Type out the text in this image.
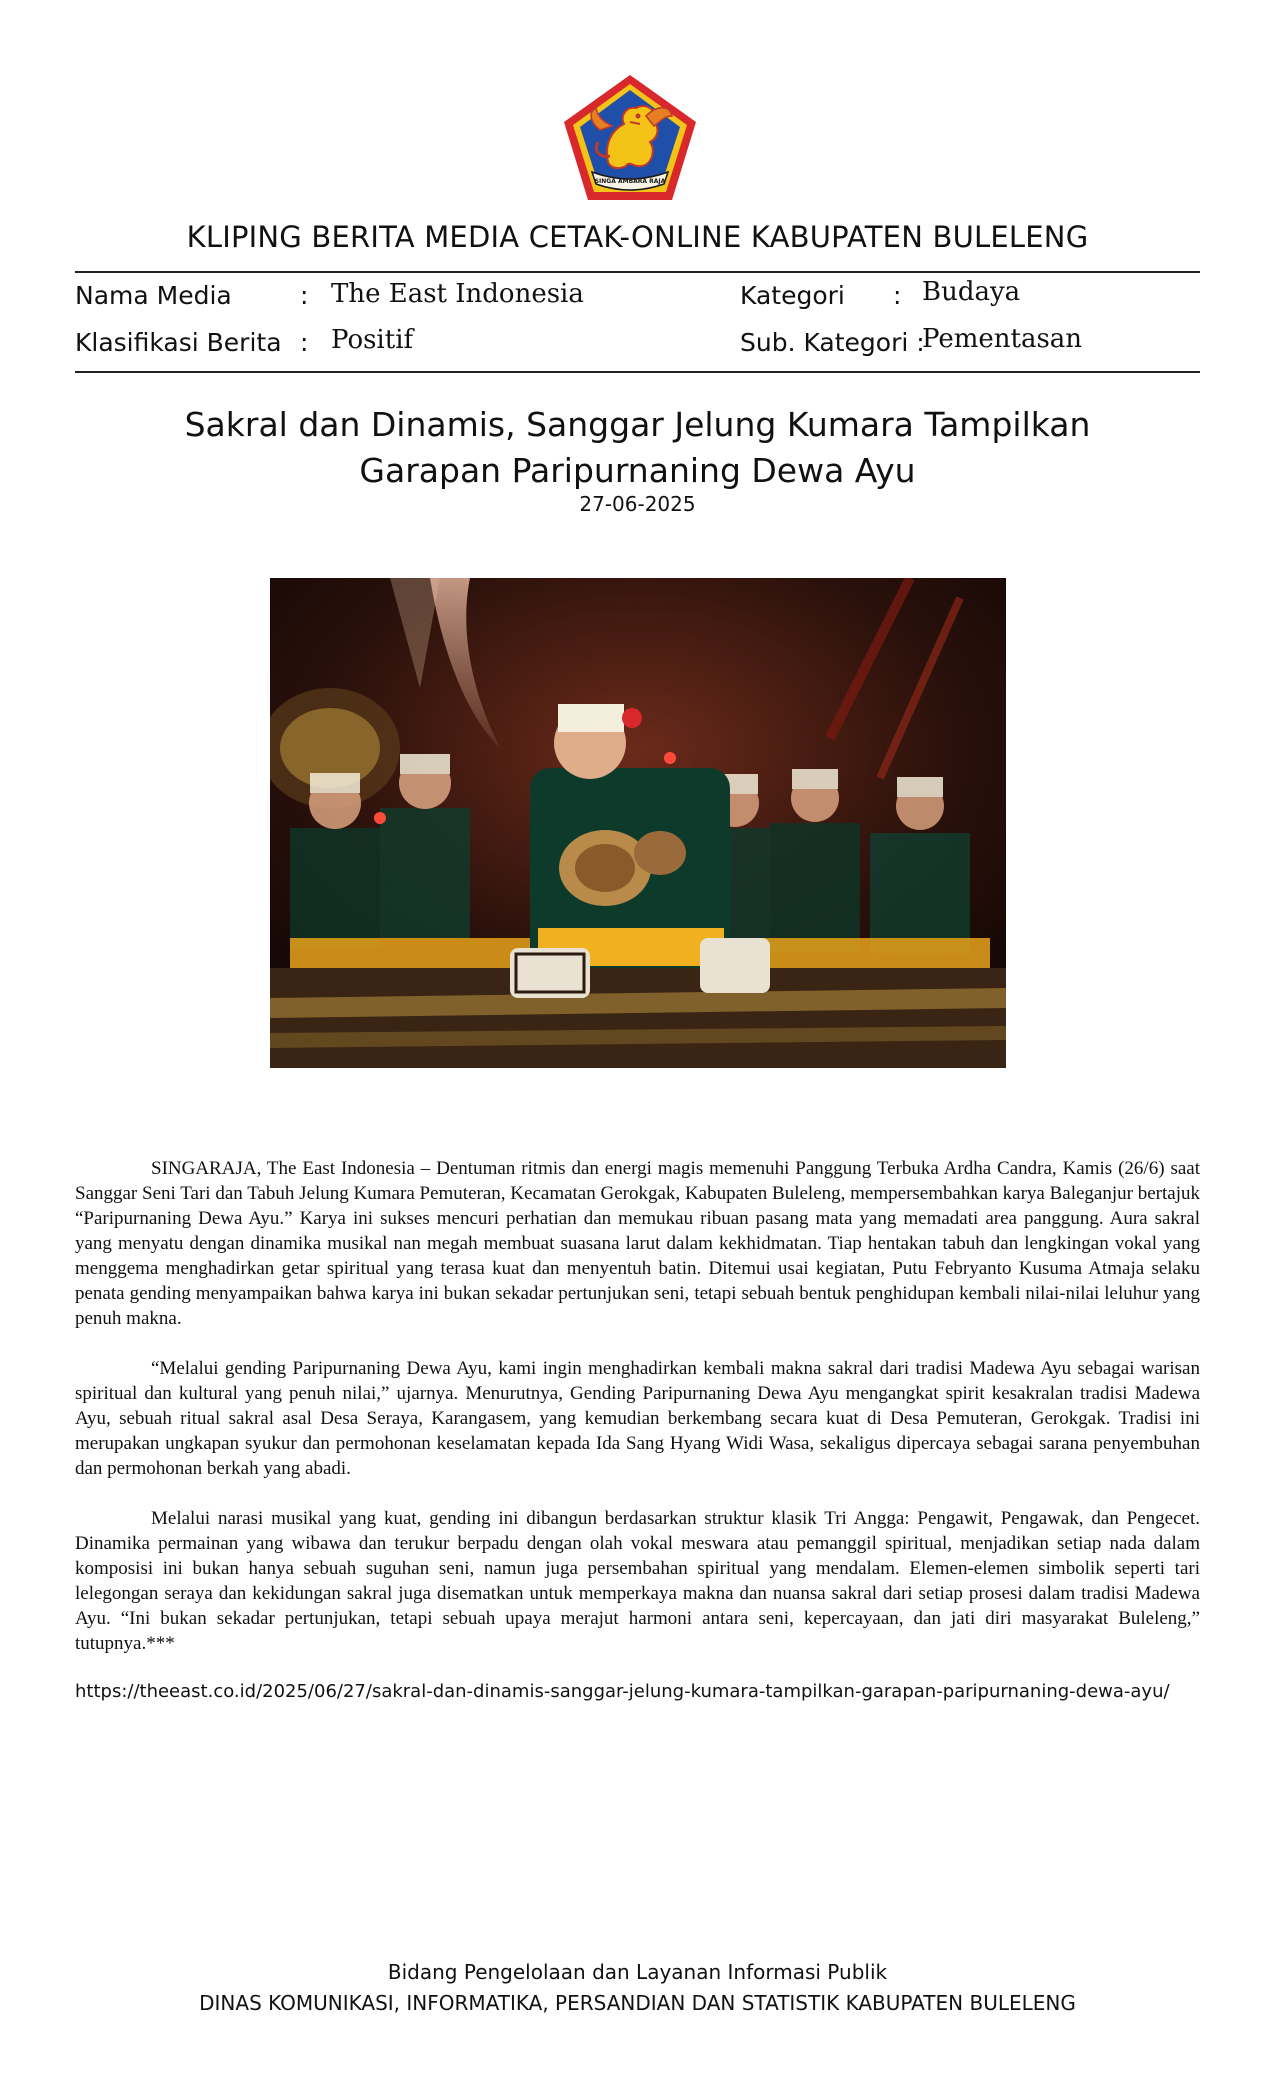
SINGA AMBARA RAJA
KLIPING BERITA MEDIA CETAK-ONLINE KABUPATEN BULELENG
Nama Media	: The East Indonesia
Klasifikasi Berita : Positif
Kategori : Budaya
Sub. Kategori :
Pementasan
Sakral dan Dinamis, Sanggar Jelung Kumara Tampilkan Garapan Paripurnaning Dewa Ayu
27-06-2025

SINGARAJA, The East Indonesia – Dentuman ritmis dan energi magis memenuhi Panggung Terbuka Ardha Candra, Kamis (26/6) saat Sanggar Seni Tari dan Tabuh Jelung Kumara Pemuteran, Kecamatan Gerokgak, Kabupaten Buleleng, mempersembahkan karya Baleganjur bertajuk “Paripurnaning Dewa Ayu.” Karya ini sukses mencuri perhatian dan memukau ribuan pasang mata yang memadati area panggung. Aura sakral yang menyatu dengan dinamika musikal nan megah membuat suasana larut dalam kekhidmatan. Tiap hentakan tabuh dan lengkingan vokal yang menggema menghadirkan getar spiritual yang terasa kuat dan menyentuh batin. Ditemui usai kegiatan, Putu Febryanto Kusuma Atmaja selaku penata gending menyampaikan bahwa karya ini bukan sekadar pertunjukan seni, tetapi sebuah bentuk penghidupan kembali nilai-nilai leluhur yang penuh makna.

“Melalui gending Paripurnaning Dewa Ayu, kami ingin menghadirkan kembali makna sakral dari tradisi Madewa Ayu sebagai warisan spiritual dan kultural yang penuh nilai,” ujarnya. Menurutnya, Gending Paripurnaning Dewa Ayu mengangkat spirit kesakralan tradisi Madewa Ayu, sebuah ritual sakral asal Desa Seraya, Karangasem, yang kemudian berkembang secara kuat di Desa Pemuteran, Gerokgak. Tradisi ini merupakan ungkapan syukur dan permohonan keselamatan kepada Ida Sang Hyang Widi Wasa, sekaligus dipercaya sebagai sarana penyembuhan dan permohonan berkah yang abadi.

Melalui narasi musikal yang kuat, gending ini dibangun berdasarkan struktur klasik Tri Angga: Pengawit, Pengawak, dan Pengecet. Dinamika permainan yang wibawa dan terukur berpadu dengan olah vokal meswara atau pemanggil spiritual, menjadikan setiap nada dalam komposisi ini bukan hanya sebuah suguhan seni, namun juga persembahan spiritual yang mendalam. Elemen-elemen simbolik seperti tari lelegongan seraya dan kekidungan sakral juga disematkan untuk memperkaya makna dan nuansa sakral dari setiap prosesi dalam tradisi Madewa Ayu. “Ini bukan sekadar pertunjukan, tetapi sebuah upaya merajut harmoni antara seni, kepercayaan, dan jati diri masyarakat Buleleng,” tutupnya.***

https://theeast.co.id/2025/06/27/sakral-dan-dinamis-sanggar-jelung-kumara-tampilkan-garapan-paripurnaning-dewa-ayu/
Bidang Pengelolaan dan Layanan Informasi Publik
DINAS KOMUNIKASI, INFORMATIKA, PERSANDIAN DAN STATISTIK KABUPATEN BULELENG
